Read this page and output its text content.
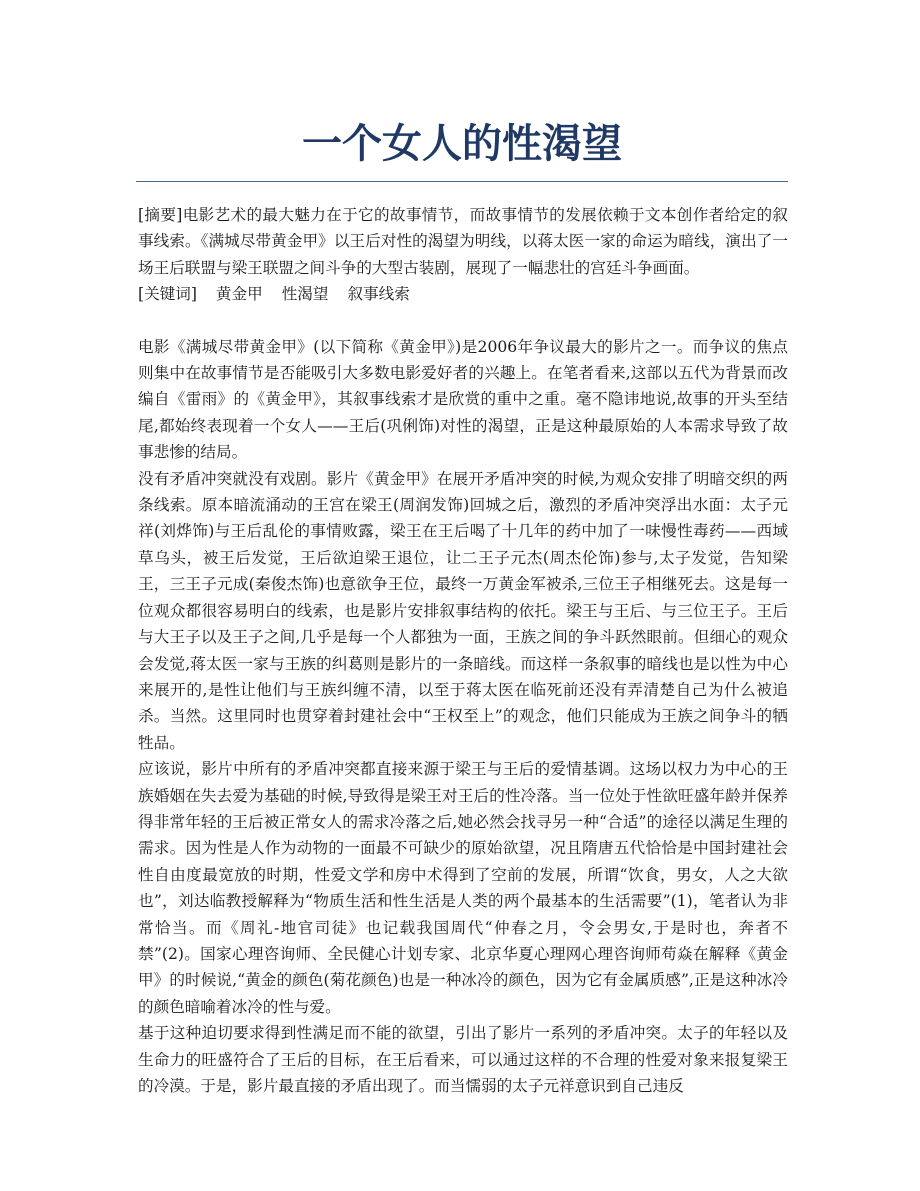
一个女人的性渴望

[摘要]电影艺术的最大魅力在于它的故事情节，而故事情节的发展依赖于文本创作者给定的叙事线索。《满城尽带黄金甲》以王后对性的渴望为明线，以蒋太医一家的命运为暗线，演出了一场王后联盟与梁王联盟之间斗争的大型古装剧，展现了一幅悲壮的宫廷斗争画面。

[关键词] 黄金甲 性渴望 叙事线索

电影《满城尽带黄金甲》(以下简称《黄金甲》)是2006年争议最大的影片之一。而争议的焦点则集中在故事情节是否能吸引大多数电影爱好者的兴趣上。在笔者看来,这部以五代为背景而改编自《雷雨》的《黄金甲》，其叙事线索才是欣赏的重中之重。毫不隐讳地说,故事的开头至结尾,都始终表现着一个女人——王后(巩俐饰)对性的渴望，正是这种最原始的人本需求导致了故事悲惨的结局。

没有矛盾冲突就没有戏剧。影片《黄金甲》在展开矛盾冲突的时候,为观众安排了明暗交织的两条线索。原本暗流涌动的王宫在梁王(周润发饰)回城之后，激烈的矛盾冲突浮出水面：太子元祥(刘烨饰)与王后乱伦的事情败露，梁王在王后喝了十几年的药中加了一味慢性毒药——西域草乌头，被王后发觉，王后欲迫梁王退位，让二王子元杰(周杰伦饰)参与,太子发觉，告知梁王，三王子元成(秦俊杰饰)也意欲争王位，最终一万黄金军被杀,三位王子相继死去。这是每一位观众都很容易明白的线索，也是影片安排叙事结构的依托。梁王与王后、与三位王子。王后与大王子以及王子之间,几乎是每一个人都独为一面，王族之间的争斗跃然眼前。但细心的观众会发觉,蒋太医一家与王族的纠葛则是影片的一条暗线。而这样一条叙事的暗线也是以性为中心来展开的,是性让他们与王族纠缠不清，以至于蒋太医在临死前还没有弄清楚自己为什么被追杀。当然。这里同时也贯穿着封建社会中“王权至上”的观念，他们只能成为王族之间争斗的牺牲品。

应该说，影片中所有的矛盾冲突都直接来源于梁王与王后的爱情基调。这场以权力为中心的王族婚姻在失去爱为基础的时候,导致得是梁王对王后的性冷落。当一位处于性欲旺盛年龄并保养得非常年轻的王后被正常女人的需求冷落之后,她必然会找寻另一种“合适”的途径以满足生理的需求。因为性是人作为动物的一面最不可缺少的原始欲望，况且隋唐五代恰恰是中国封建社会性自由度最宽放的时期，性爱文学和房中术得到了空前的发展，所谓“饮食，男女，人之大欲也”，刘达临教授解释为“物质生活和性生活是人类的两个最基本的生活需要”(1)，笔者认为非常恰当。而《周礼-地官司徒》也记载我国周代“仲春之月，令会男女,于是时也，奔者不禁”(2)。国家心理咨询师、全民健心计划专家、北京华夏心理网心理咨询师苟焱在解释《黄金甲》的时候说,“黄金的颜色(菊花颜色)也是一种冰冷的颜色，因为它有金属质感”,正是这种冰冷的颜色暗喻着冰冷的性与爱。

基于这种迫切要求得到性满足而不能的欲望，引出了影片一系列的矛盾冲突。太子的年轻以及生命力的旺盛符合了王后的目标，在王后看来，可以通过这样的不合理的性爱对象来报复梁王的冷漠。于是，影片最直接的矛盾出现了。而当懦弱的太子元祥意识到自己违反
